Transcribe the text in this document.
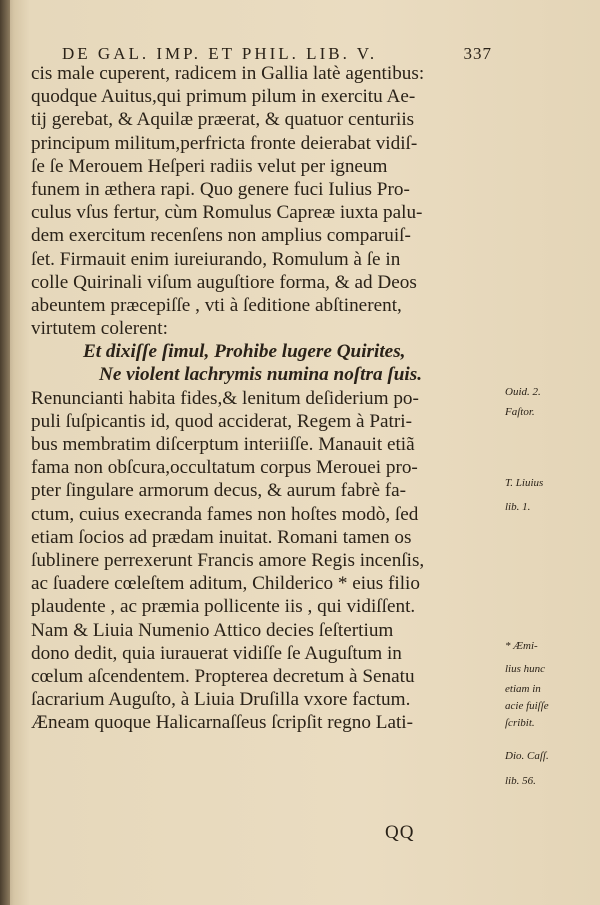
DE GAL. IMP. ET PHIL. LIB. V.	337
cis male cuperent, radicem in Gallia latè agentibus:
quodque Auitus,qui primum pilum in exercitu Ae-
tij gerebat, & Aquilæ præerat, & quatuor centuriis
principum militum,perfricta fronte deierabat vidiſ-
ſe ſe Merouem Heſperi radiis velut per igneum
funem in æthera rapi. Quo genere fuci Iulius Pro-
culus vſus fertur, cùm Romulus Capreæ iuxta palu-
dem exercitum recenſens non amplius comparuiſ-
ſet. Firmauit enim iureiurando, Romulum à ſe in
colle Quirinali viſum auguſtiore forma, & ad Deos
abeuntem præcepiſſe , vti à ſeditione abſtinerent,
virtutem colerent:
Et dixiſſe ſimul, Prohibe lugere Quirites,
Ne violent lachrymis numina noſtra ſuis.
Renuncianti habita fides,& lenitum deſiderium po-
puli ſuſpicantis id, quod acciderat, Regem à Patri-
bus membratim diſcerptum interiiſſe. Manauit etiã
fama non obſcura,occultatum corpus Merouei pro-
pter ſingulare armorum decus, & aurum fabrè fa-
ctum, cuius execranda fames non hoſtes modò, ſed
etiam ſocios ad prædam inuitat. Romani tamen os
ſublinere perrexerunt Francis amore Regis incenſis,
ac ſuadere cœleſtem aditum, Childerico * eius filio
plaudente , ac præmia pollicente iis , qui vidiſſent.
Nam & Liuia Numenio Attico decies ſeſtertium
dono dedit, quia iurauerat vidiſſe ſe Auguſtum in
cœlum aſcendentem. Propterea decretum à Senatu
ſacrarium Auguſto, à Liuia Druſilla vxore factum.
Æneam quoque Halicarnaſſeus ſcripſit regno Lati-
Ouid. 2.
Faſtor.
T. Liuius
lib. 1.
* Æmi-
lius hunc
etiam in
acie fuiſſe
ſcribit.
Dio. Caſſ.
lib. 56.
QQ
